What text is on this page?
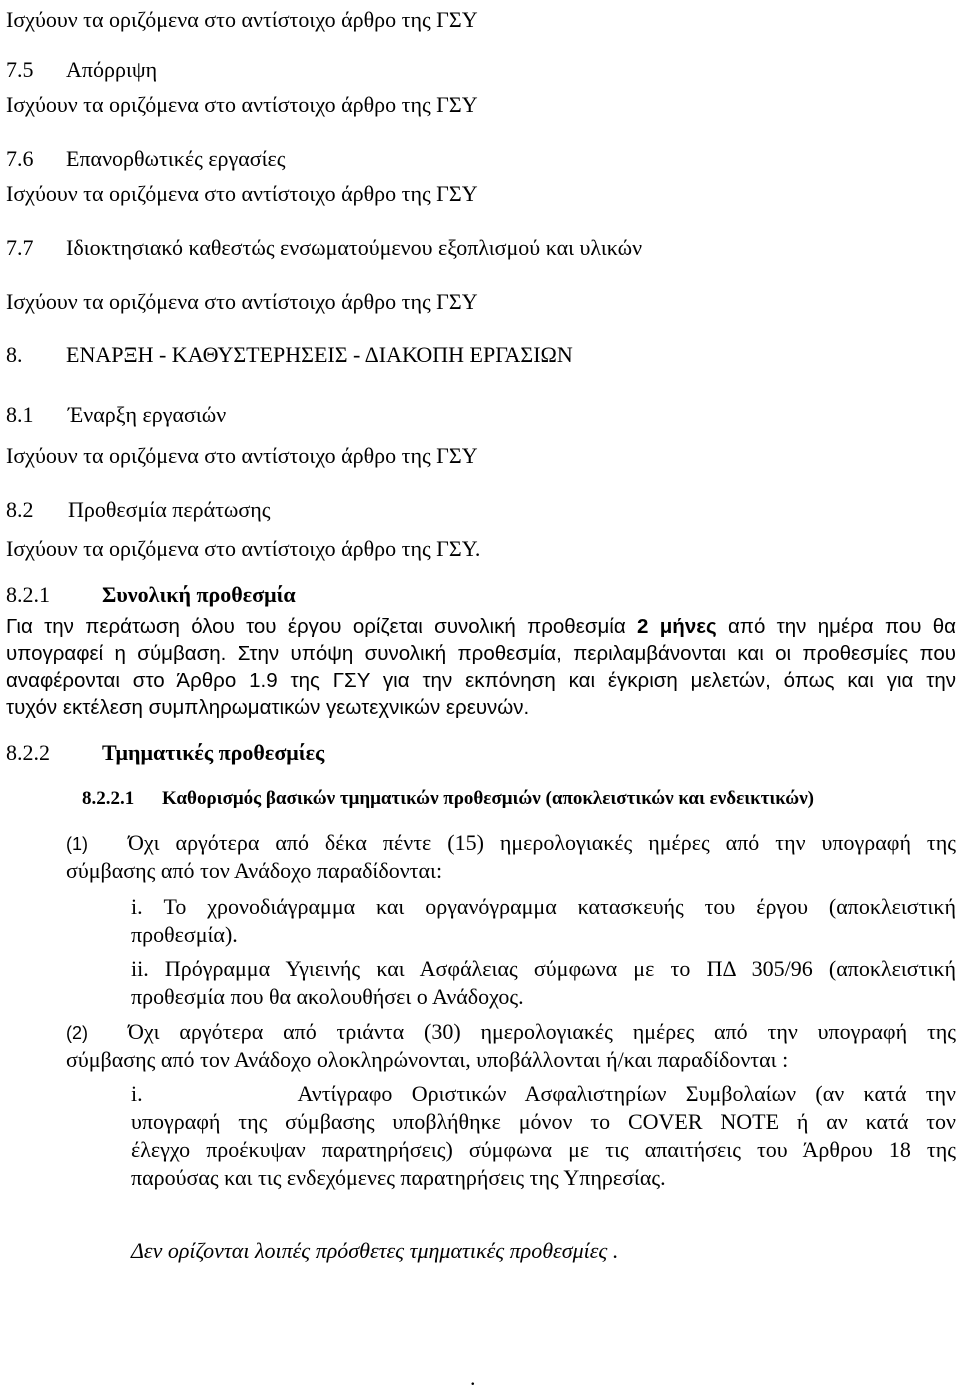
Ισχύουν τα οριζόμενα στο αντίστοιχο άρθρο της ΓΣΥ
7.5 Απόρριψη
Ισχύουν τα οριζόμενα στο αντίστοιχο άρθρο της ΓΣΥ
7.6 Επανορθωτικές εργασίες
Ισχύουν τα οριζόμενα στο αντίστοιχο άρθρο της ΓΣΥ
7.7 Ιδιοκτησιακό καθεστώς ενσωματούμενου εξοπλισμού και υλικών
Ισχύουν τα οριζόμενα στο αντίστοιχο άρθρο της ΓΣΥ
8. ΕΝΑΡΞΗ - ΚΑΘΥΣΤΕΡΗΣΕΙΣ - ΔΙΑΚΟΠΗ ΕΡΓΑΣΙΩΝ
8.1 Έναρξη εργασιών
Ισχύουν τα οριζόμενα στο αντίστοιχο άρθρο της ΓΣΥ
8.2 Προθεσμία περάτωσης
Ισχύουν τα οριζόμενα στο αντίστοιχο άρθρο της ΓΣΥ.
8.2.1 Συνολική προθεσμία
Για την περάτωση όλου του έργου ορίζεται συνολική προθεσμία 2 μήνες από την ημέρα που θα
υπογραφεί η σύμβαση. Στην υπόψη συνολική προθεσμία, περιλαμβάνονται και οι προθεσμίες που
αναφέρονται στο Άρθρο 1.9 της ΓΣΥ για την εκπόνηση και έγκριση μελετών, όπως και για την
τυχόν εκτέλεση συμπληρωματικών γεωτεχνικών ερευνών.
8.2.2 Τμηματικές προθεσμίες
8.2.2.1 Καθορισμός βασικών τμηματικών προθεσμιών (αποκλειστικών και ενδεικτικών)
(1) Όχι αργότερα από δέκα πέντε (15) ημερολογιακές ημέρες από την υπογραφή της
σύμβασης από τον Ανάδοχο παραδίδονται:
i. Το χρονοδιάγραμμα και οργανόγραμμα κατασκευής του έργου (αποκλειστική
προθεσμία).
ii. Πρόγραμμα Υγιεινής και Ασφάλειας σύμφωνα με το ΠΔ 305/96 (αποκλειστική
προθεσμία που θα ακολουθήσει ο Ανάδοχος.
(2) Όχι αργότερα από τριάντα (30) ημερολογιακές ημέρες από την υπογραφή της
σύμβασης από τον Ανάδοχο ολοκληρώνονται, υποβάλλονται ή/και παραδίδονται :
i.        Αντίγραφο Οριστικών Ασφαλιστηρίων Συμβολαίων (αν κατά την
υπογραφή της σύμβασης υποβλήθηκε μόνον το COVER NOTE ή αν κατά τον
έλεγχο προέκυψαν παρατηρήσεις) σύμφωνα με τις απαιτήσεις του Άρθρου 18 της
παρούσας και τις ενδεχόμενες παρατηρήσεις της Υπηρεσίας.
Δεν ορίζονται λοιπές πρόσθετες τμηματικές προθεσμίες .
.
